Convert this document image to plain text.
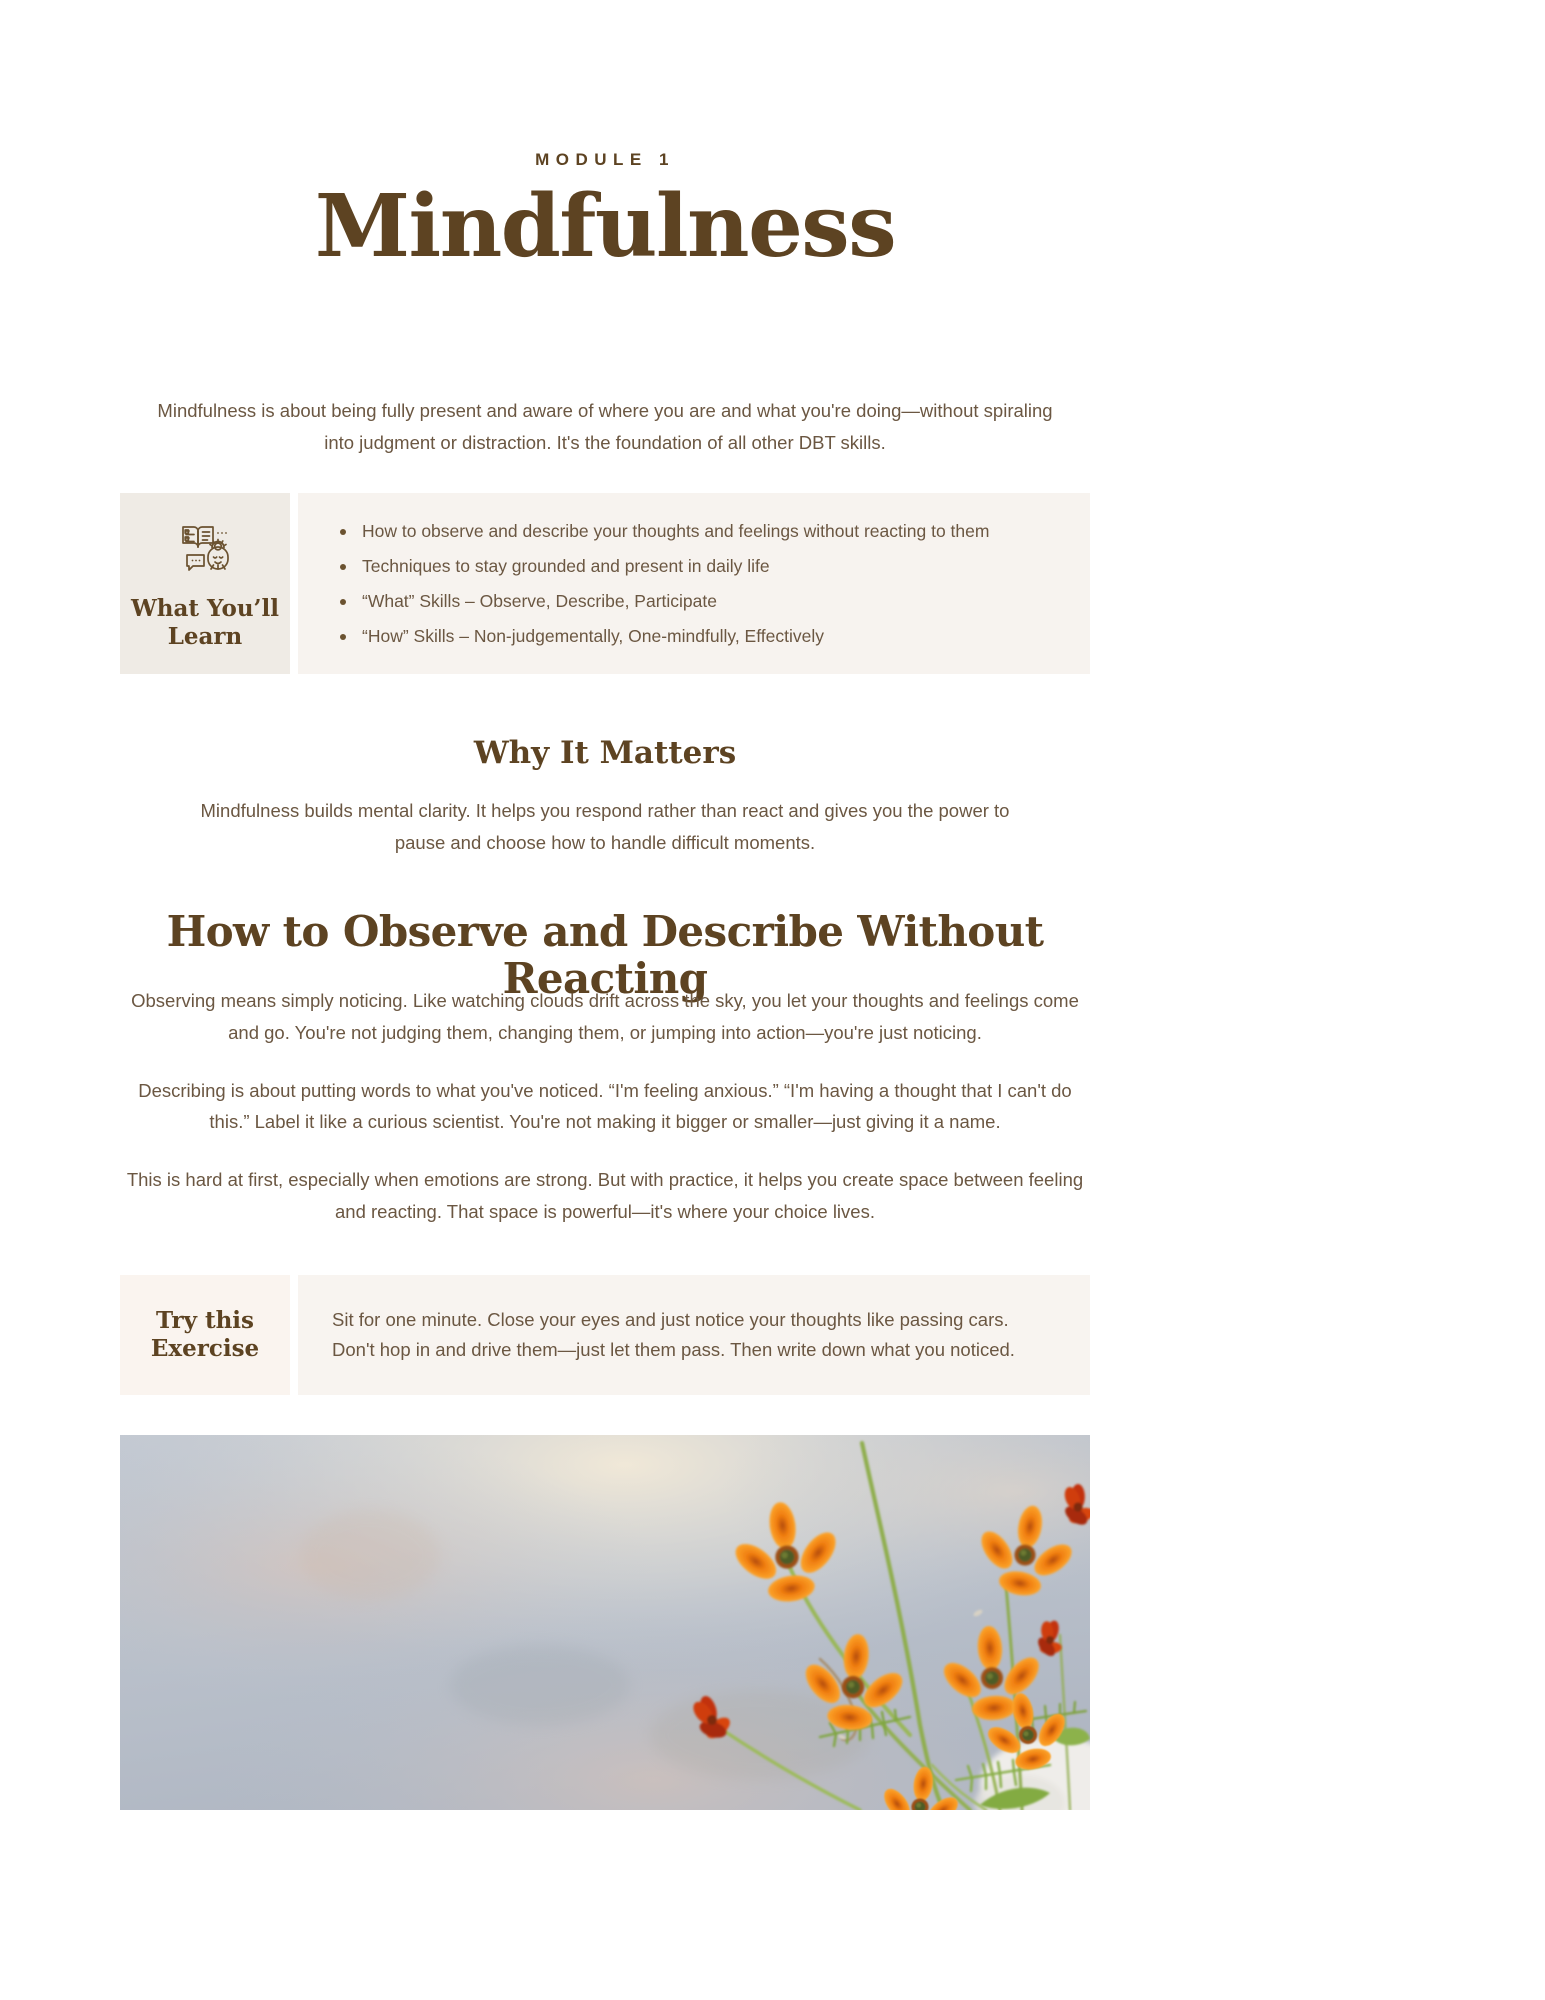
MODULE 1
Mindfulness

Mindfulness is about being fully present and aware of where you are and what you're doing—without spiraling into judgment or distraction. It's the foundation of all other DBT skills.

What You’ll Learn
How to observe and describe your thoughts and feelings without reacting to them
Techniques to stay grounded and present in daily life
“What” Skills – Observe, Describe, Participate
“How” Skills – Non-judgementally, One-mindfully, Effectively
Why It Matters

Mindfulness builds mental clarity. It helps you respond rather than react and gives you the power to pause and choose how to handle difficult moments.

How to Observe and Describe Without Reacting

Observing means simply noticing. Like watching clouds drift across the sky, you let your thoughts and feelings come and go. You're not judging them, changing them, or jumping into action—you're just noticing.

Describing is about putting words to what you've noticed. “I'm feeling anxious.” “I'm having a thought that I can't do this.” Label it like a curious scientist. You're not making it bigger or smaller—just giving it a name.

This is hard at first, especially when emotions are strong. But with practice, it helps you create space between feeling and reacting. That space is powerful—it's where your choice lives.

Try this Exercise

Sit for one minute. Close your eyes and just notice your thoughts like passing cars. Don't hop in and drive them—just let them pass. Then write down what you noticed.
